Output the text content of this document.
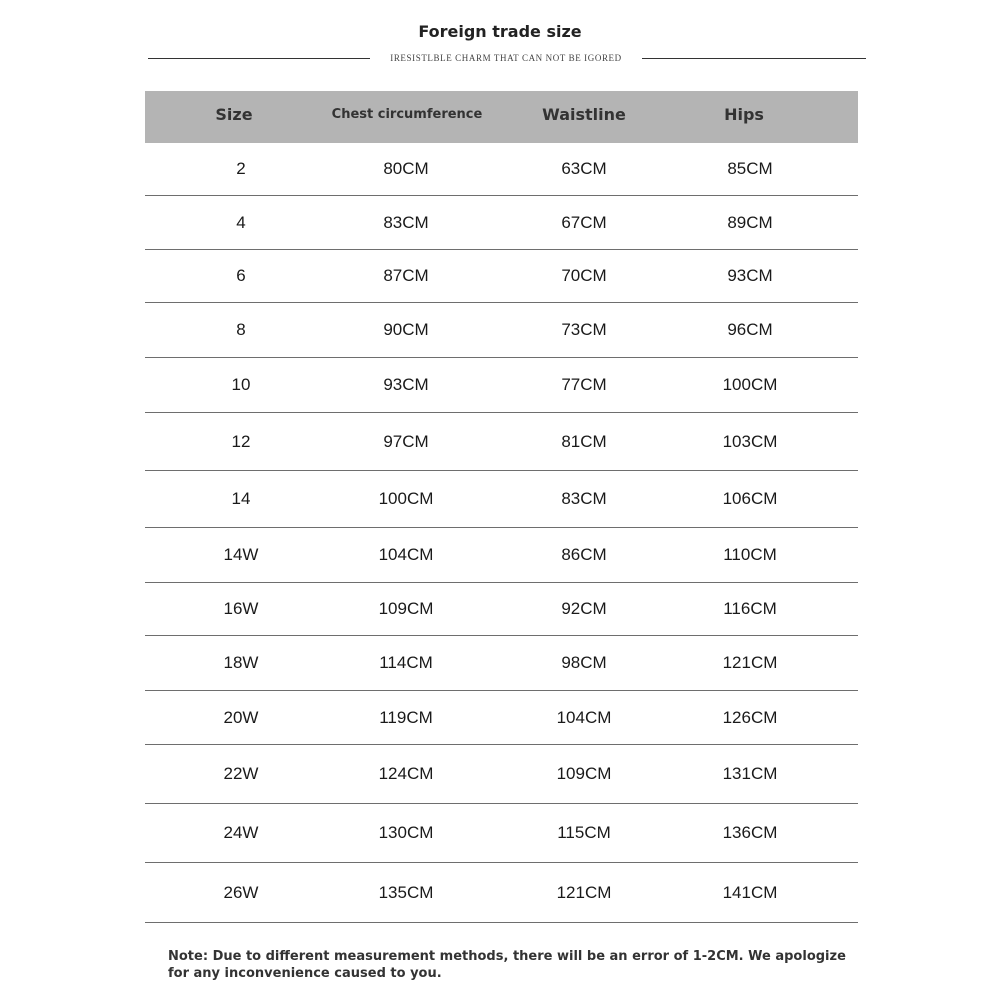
Foreign trade size
IRESISTLBLE CHARM THAT CAN NOT BE IGORED
Size	Chest circumference	Waistline	Hips
2	80CM	63CM	85CM
4	83CM	67CM	89CM
6	87CM	70CM	93CM
8	90CM	73CM	96CM
10	93CM	77CM	100CM
12	97CM	81CM	103CM
14	100CM	83CM	106CM
14W	104CM	86CM	110CM
16W	109CM	92CM	116CM
18W	114CM	98CM	121CM
20W	119CM	104CM	126CM
22W	124CM	109CM	131CM
24W	130CM	115CM	136CM
26W	135CM	121CM	141CM
Note: Due to different measurement methods, there will be an error of 1-2CM. We apologize for any inconvenience caused to you.
